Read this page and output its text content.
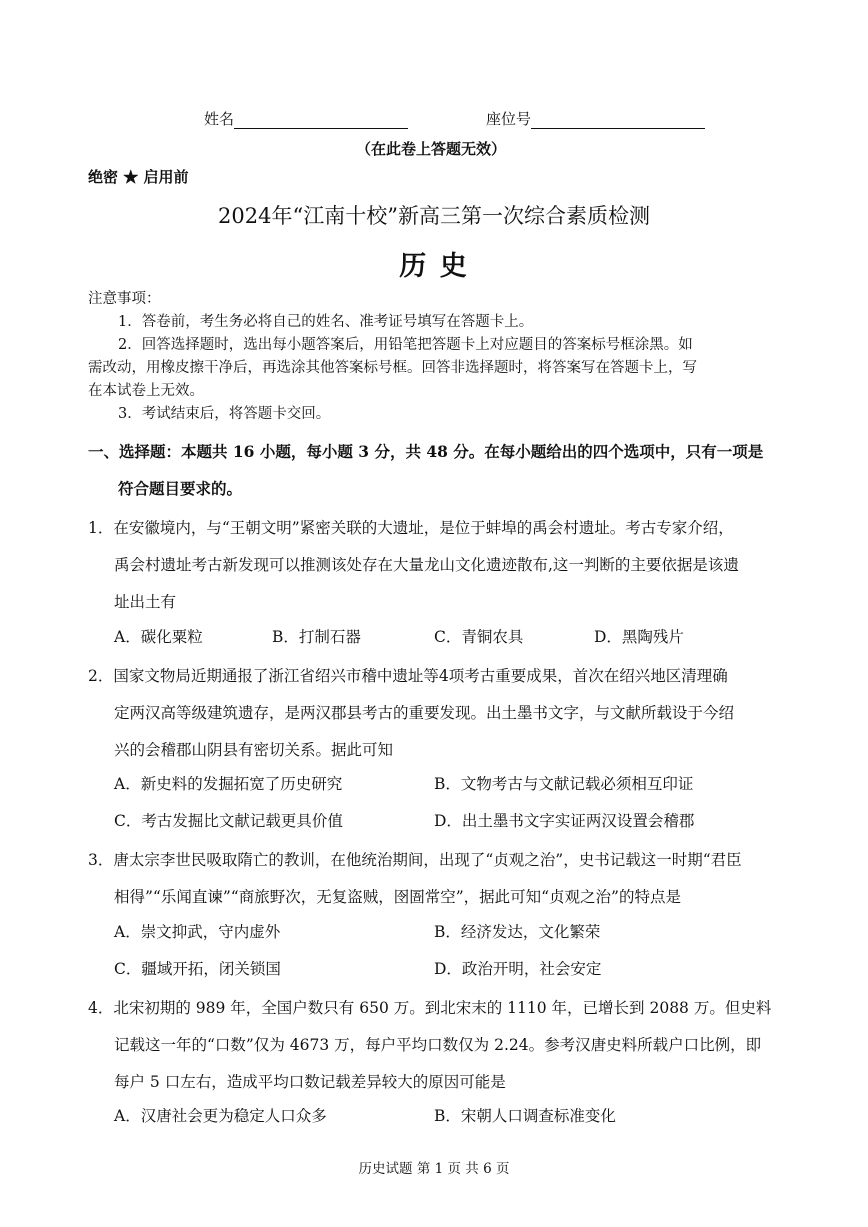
姓名	座位号
（在此卷上答题无效）
绝密 ★ 启用前
2024年“江南十校”新高三第一次综合素质检测
历 史
注意事项：
1．答卷前，考生务必将自己的姓名、准考证号填写在答题卡上。
2．回答选择题时，选出每小题答案后，用铅笔把答题卡上对应题目的答案标号框涂黑。如
需改动，用橡皮擦干净后，再选涂其他答案标号框。回答非选择题时，将答案写在答题卡上，写
在本试卷上无效。
3．考试结束后，将答题卡交回。
一、选择题：本题共 16 小题，每小题 3 分，共 48 分。在每小题给出的四个选项中，只有一项是
符合题目要求的。

1．在安徽境内，与“王朝文明”紧密关联的大遗址，是位于蚌埠的禹会村遗址。考古专家介绍，

禹会村遗址考古新发现可以推测该处存在大量龙山文化遗迹散布,这一判断的主要依据是该遗

址出土有

A．碳化粟粒	B．打制石器	C．青铜农具	D．黑陶残片

2．国家文物局近期通报了浙江省绍兴市稽中遗址等4项考古重要成果，首次在绍兴地区清理确

定两汉高等级建筑遗存，是两汉郡县考古的重要发现。出土墨书文字，与文献所载设于今绍

兴的会稽郡山阴县有密切关系。据此可知

A．新史料的发掘拓宽了历史研究	B．文物考古与文献记载必须相互印证
C．考古发掘比文献记载更具价值	D．出土墨书文字实证两汉设置会稽郡

3．唐太宗李世民吸取隋亡的教训，在他统治期间，出现了“贞观之治”，史书记载这一时期“君臣

相得”“乐闻直谏”“商旅野次，无复盗贼，囹圄常空”，据此可知“贞观之治”的特点是

A．崇文抑武，守内虚外	B．经济发达，文化繁荣
C．疆域开拓，闭关锁国	D．政治开明，社会安定

4．北宋初期的 989 年，全国户数只有 650 万。到北宋末的 1110 年，已增长到 2088 万。但史料

记载这一年的“口数”仅为 4673 万，每户平均口数仅为 2.24。参考汉唐史料所载户口比例，即

每户 5 口左右，造成平均口数记载差异较大的原因可能是

A．汉唐社会更为稳定人口众多	B．宋朝人口调查标准变化
历史试题 第 1 页 共 6 页
